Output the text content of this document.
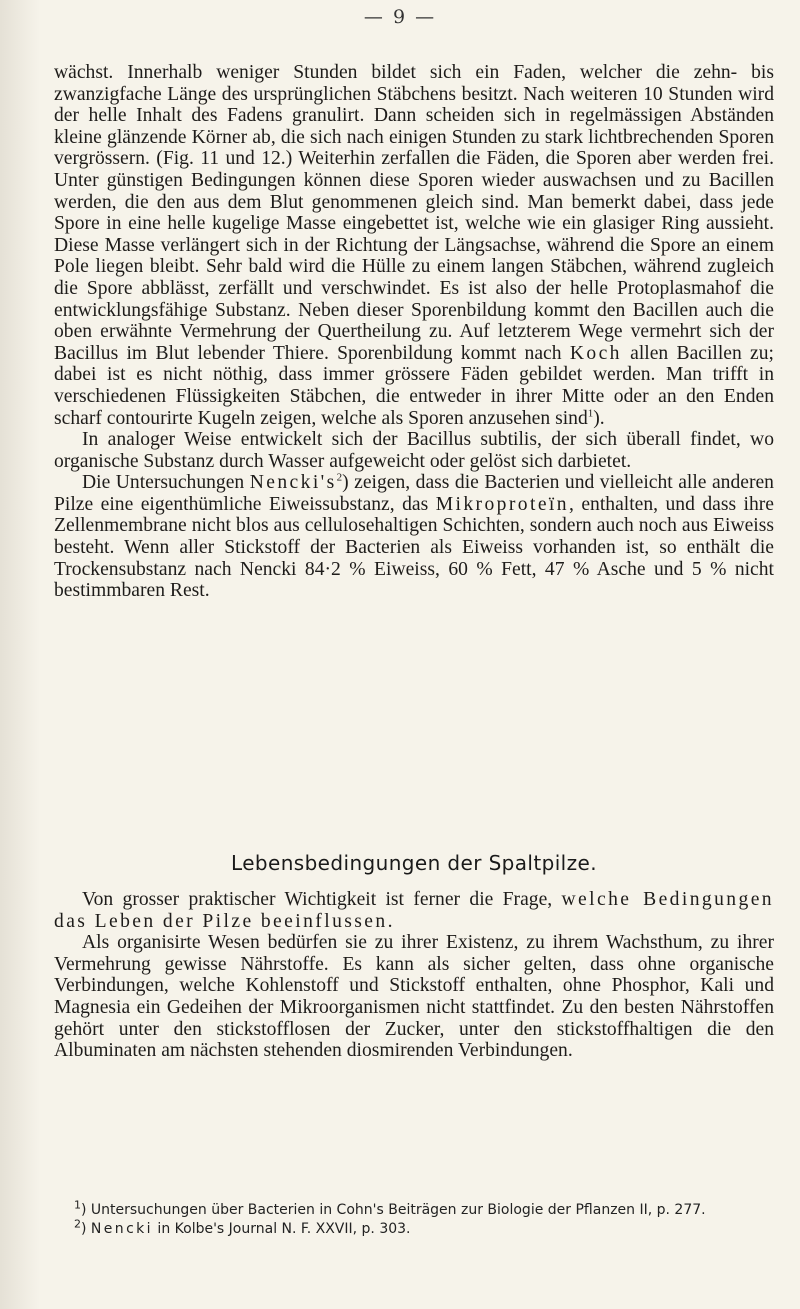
— 9 —

wächst. Innerhalb weniger Stunden bildet sich ein Faden, welcher die zehn- bis zwanzigfache Länge des ursprünglichen Stäbchens besitzt. Nach weiteren 10 Stunden wird der helle Inhalt des Fadens granulirt. Dann scheiden sich in regelmässigen Abständen kleine glänzende Körner ab, die sich nach einigen Stunden zu stark lichtbrechenden Sporen vergrössern. (Fig. 11 und 12.) Weiterhin zerfallen die Fäden, die Sporen aber werden frei. Unter günstigen Bedingungen können diese Sporen wieder auswachsen und zu Bacillen werden, die den aus dem Blut genommenen gleich sind. Man bemerkt dabei, dass jede Spore in eine helle kugelige Masse eingebettet ist, welche wie ein glasiger Ring aussieht. Diese Masse verlängert sich in der Richtung der Längsachse, während die Spore an einem Pole liegen bleibt. Sehr bald wird die Hülle zu einem langen Stäbchen, während zugleich die Spore abblässt, zerfällt und verschwindet. Es ist also der helle Protoplasmahof die entwicklungsfähige Substanz. Neben dieser Sporenbildung kommt den Bacillen auch die oben erwähnte Vermehrung der Quertheilung zu. Auf letzterem Wege vermehrt sich der Bacillus im Blut lebender Thiere. Sporenbildung kommt nach Koch allen Bacillen zu; dabei ist es nicht nöthig, dass immer grössere Fäden gebildet werden. Man trifft in verschiedenen Flüssigkeiten Stäbchen, die entweder in ihrer Mitte oder an den Enden scharf contourirte Kugeln zeigen, welche als Sporen anzusehen sind$^1$).

In analoger Weise entwickelt sich der Bacillus subtilis, der sich überall findet, wo organische Substanz durch Wasser aufgeweicht oder gelöst sich darbietet.

Die Untersuchungen $Nencki's^2$) zeigen, dass die Bacterien und vielleicht alle anderen Pilze eine eigenthümliche Eiweissubstanz, das Mikroproteïn, enthalten, und dass ihre Zellenmembrane nicht blos aus cellulosehaltigen Schichten, sondern auch noch aus Eiweiss besteht. Wenn aller Stickstoff der Bacterien als Eiweiss vorhanden ist, so enthält die Trockensubstanz nach Nencki 84·2 % Eiweiss, 60 % Fett, 47 % Asche und 5 % nicht bestimmbaren Rest.

Lebensbedingungen der Spaltpilze.

Von grosser praktischer Wichtigkeit ist ferner die Frage, welche Bedingungen das Leben der Pilze beeinflussen.

Als organisirte Wesen bedürfen sie zu ihrer Existenz, zu ihrem Wachsthum, zu ihrer Vermehrung gewisse Nährstoffe. Es kann als sicher gelten, dass ohne organische Verbindungen, welche Kohlenstoff und Stickstoff enthalten, ohne Phosphor, Kali und Magnesia ein Gedeihen der Mikroorganismen nicht stattfindet. Zu den besten Nährstoffen gehört unter den stickstofflosen der Zucker, unter den stickstoffhaltigen die den Albuminaten am nächsten stehenden diosmirenden Verbindungen.

$^1$) Untersuchungen über Bacterien in Cohn's Beiträgen zur Biologie der Pflanzen II, p. 277.

$^2$) Nencki in Kolbe's Journal N. F. XXVII, p. 303.
